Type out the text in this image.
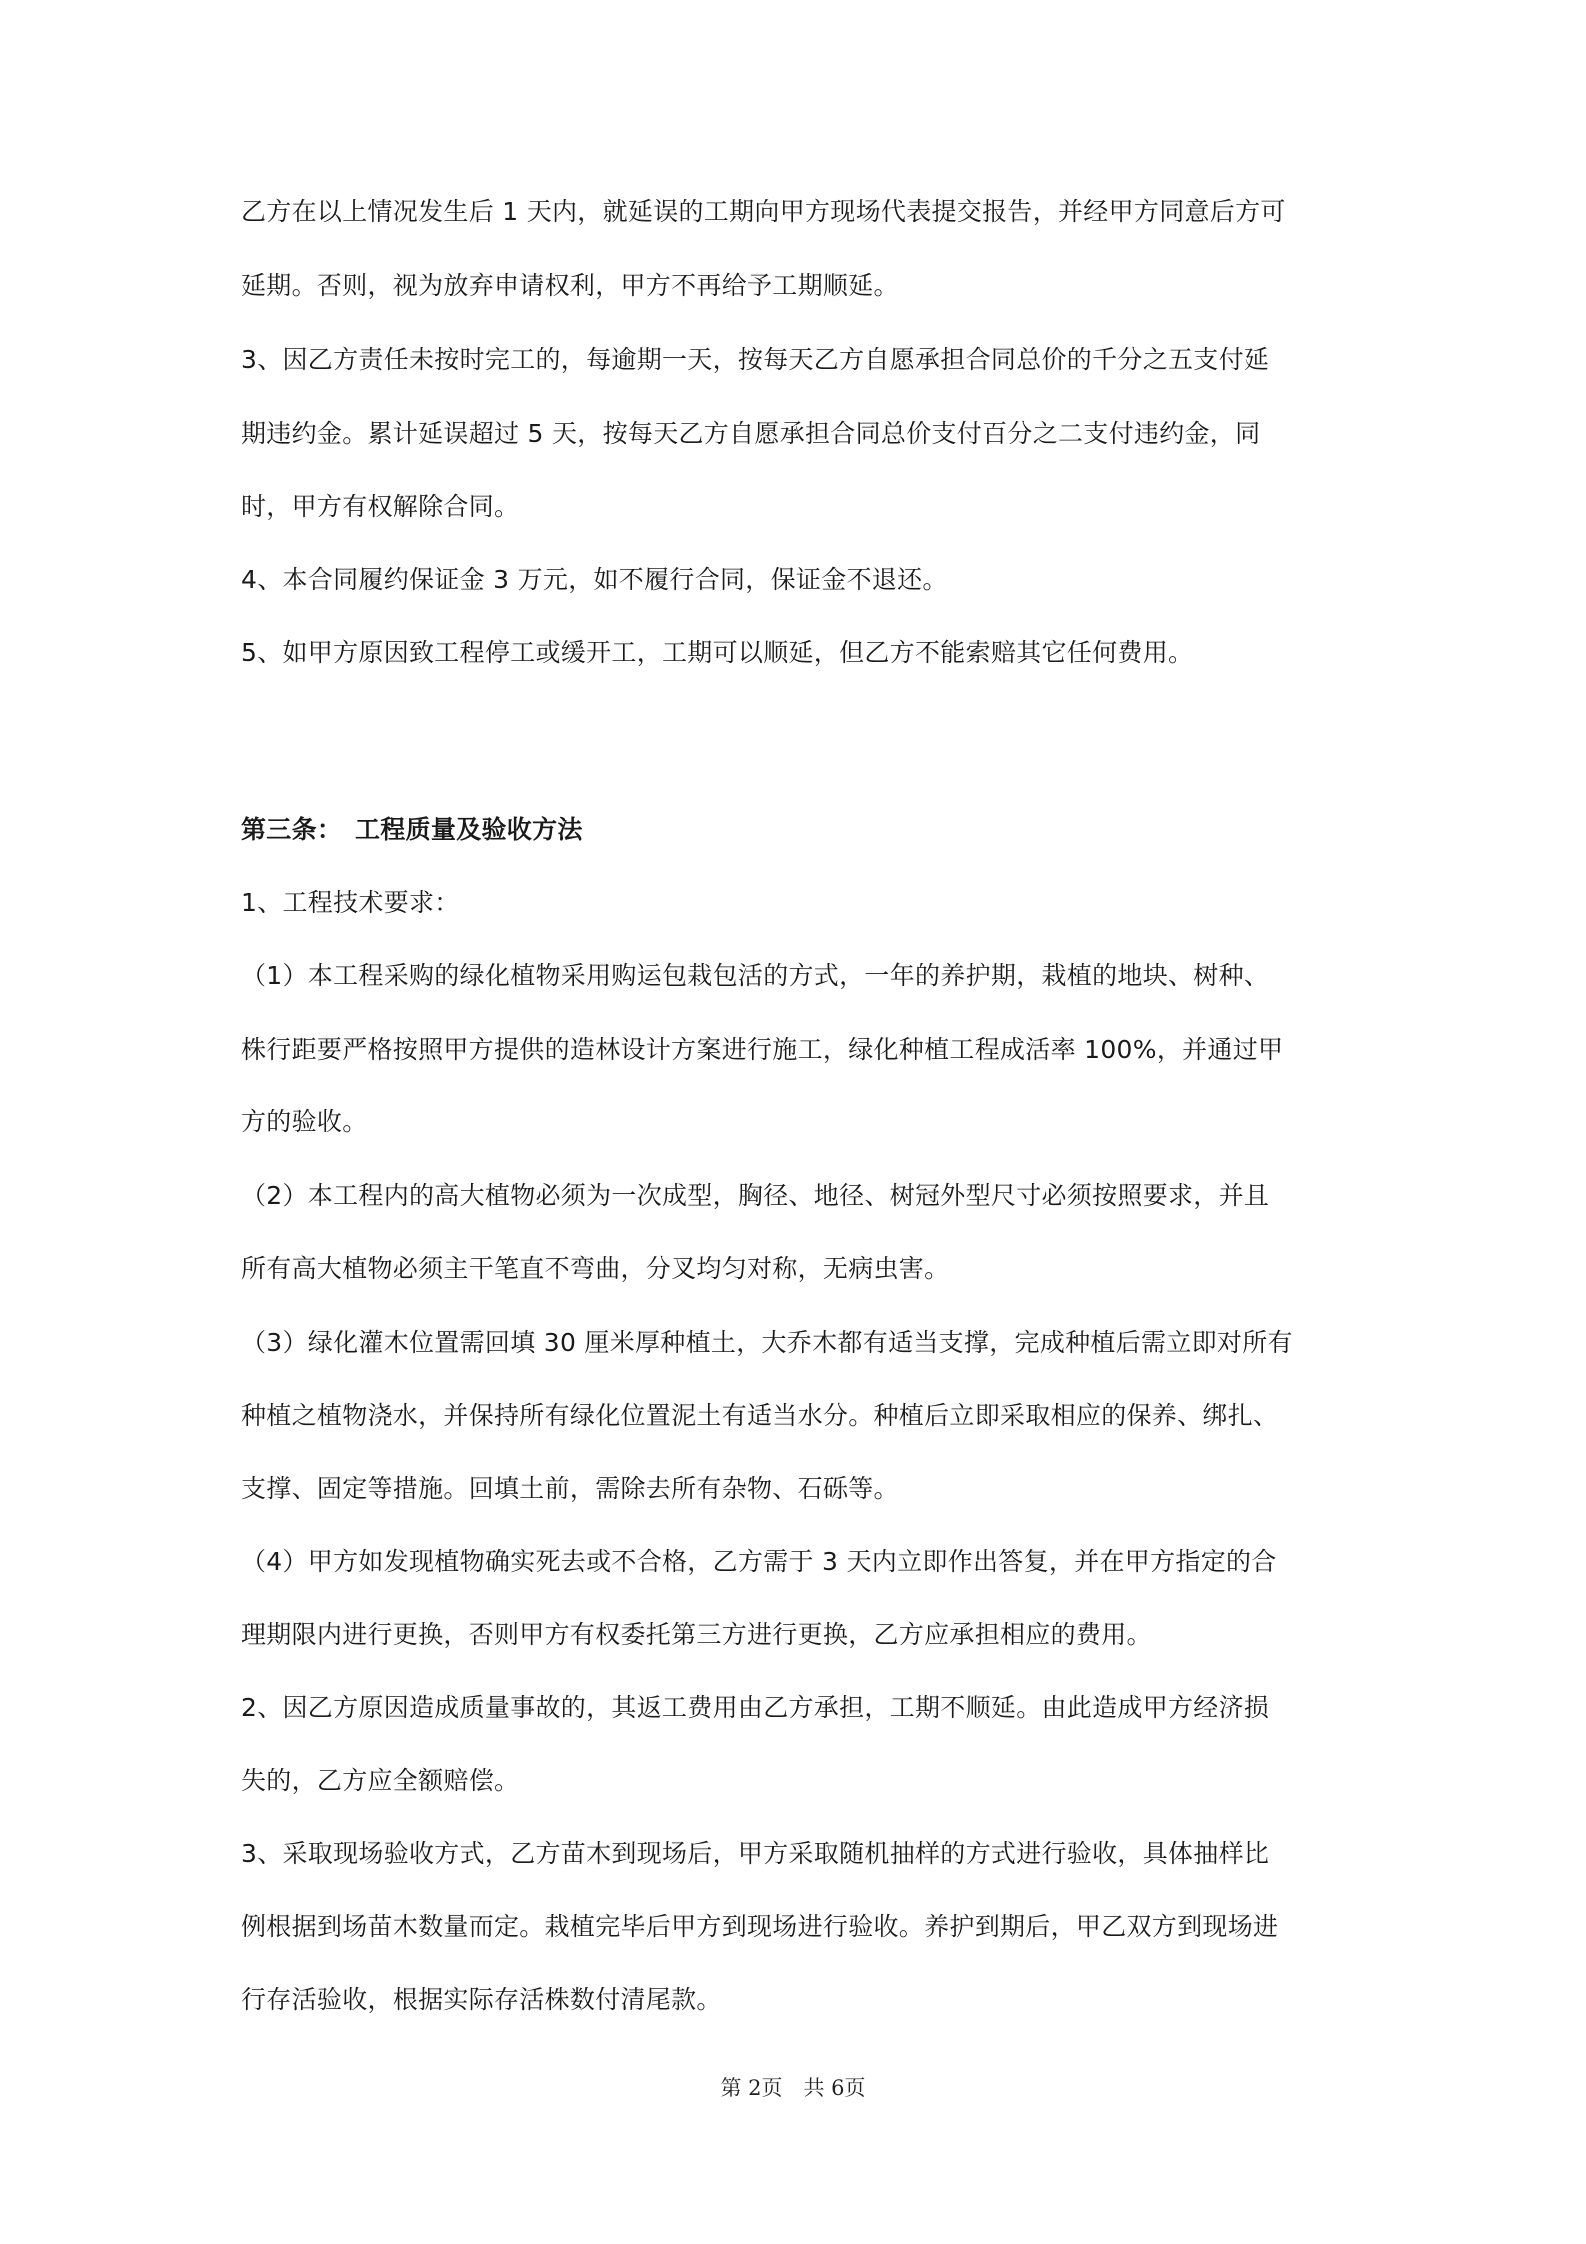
乙方在以上情况发生后 1 天内，就延误的工期向甲方现场代表提交报告，并经甲方同意后方可
延期。否则，视为放弃申请权利，甲方不再给予工期顺延。
3、因乙方责任未按时完工的，每逾期一天，按每天乙方自愿承担合同总价的千分之五支付延
期违约金。累计延误超过 5 天，按每天乙方自愿承担合同总价支付百分之二支付违约金，同
时，甲方有权解除合同。
4、本合同履约保证金 3 万元，如不履行合同，保证金不退还。
5、如甲方原因致工程停工或缓开工，工期可以顺延，但乙方不能索赔其它任何费用。
第三条：　工程质量及验收方法
1、工程技术要求：
（1）本工程采购的绿化植物采用购运包栽包活的方式，一年的养护期，栽植的地块、树种、
株行距要严格按照甲方提供的造林设计方案进行施工，绿化种植工程成活率 100%，并通过甲
方的验收。
（2）本工程内的高大植物必须为一次成型，胸径、地径、树冠外型尺寸必须按照要求，并且
所有高大植物必须主干笔直不弯曲，分叉均匀对称，无病虫害。
（3）绿化灌木位置需回填 30 厘米厚种植土，大乔木都有适当支撑，完成种植后需立即对所有
种植之植物浇水，并保持所有绿化位置泥土有适当水分。种植后立即采取相应的保养、绑扎、
支撑、固定等措施。回填土前，需除去所有杂物、石砾等。
（4）甲方如发现植物确实死去或不合格，乙方需于 3 天内立即作出答复，并在甲方指定的合
理期限内进行更换，否则甲方有权委托第三方进行更换，乙方应承担相应的费用。
2、因乙方原因造成质量事故的，其返工费用由乙方承担，工期不顺延。由此造成甲方经济损
失的，乙方应全额赔偿。
3、采取现场验收方式，乙方苗木到现场后，甲方采取随机抽样的方式进行验收，具体抽样比
例根据到场苗木数量而定。栽植完毕后甲方到现场进行验收。养护到期后，甲乙双方到现场进
行存活验收，根据实际存活株数付清尾款。
第 2页　共 6页
